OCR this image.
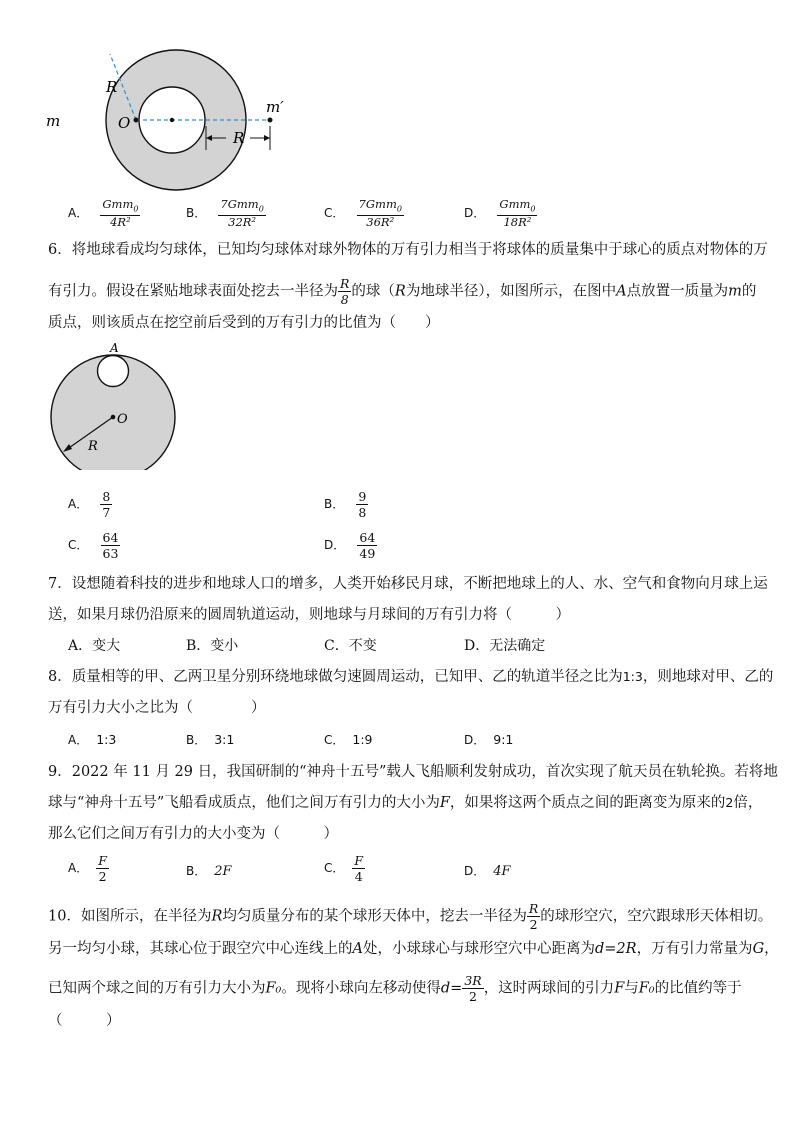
m
R
O
m′
R
A． $\frac{Gmm_0}{\text{4R²}}$	B． $\frac{7Gmm_0}{\text{32R²}}$	C． $\frac{7Gmm_0}{\text{36R²}}$	D． $\frac{Gmm_0}{\text{18R²}}$
6．将地球看成均匀球体，已知均匀球体对球外物体的万有引力相当于将球体的质量集中于球心的质点对物体的万
有引力。假设在紧贴地球表面处挖去一半径为 $\frac{R}{8}$ 的球（R为地球半径），如图所示，在图中A点放置一质量为m的
质点，则该质点在挖空前后受到的万有引力的比值为（　　）
A
O
R
A． $\frac{8}{7}$	B． $\frac{9}{8}$
C． $\frac{64}{63}$	D． $\frac{64}{49}$
7．设想随着科技的进步和地球人口的增多，人类开始移民月球，不断把地球上的人、水、空气和食物向月球上运
送，如果月球仍沿原来的圆周轨道运动，则地球与月球间的万有引力将（　　　）
A．变大	B．变小	C．不变	D．无法确定
8．质量相等的甲、乙两卫星分别环绕地球做匀速圆周运动，已知甲、乙的轨道半径之比为1:3，则地球对甲、乙的
万有引力大小之比为（　　　　）
A． 1:3	B． 3:1	C． 1:9	D． 9:1
9．2022 年 11 月 29 日，我国研制的“神舟十五号”载人飞船顺利发射成功，首次实现了航天员在轨轮换。若将地
球与“神舟十五号”飞船看成质点，他们之间万有引力的大小为F，如果将这两个质点之间的距离变为原来的2倍，
那么它们之间万有引力的大小变为（　　　）
A． $\frac{F}{2}$	B． 2F	C． $\frac{F}{4}$	D． 4F
10．如图所示，在半径为R均匀质量分布的某个球形天体中，挖去一半径为 $\frac{R}{2}$ 的球形空穴，空穴跟球形天体相切。
另一均匀小球，其球心位于跟空穴中心连线上的A处，小球球心与球形空穴中心距离为d=2R，万有引力常量为G，
已知两个球之间的万有引力大小为F₀。现将小球向左移动使得$d= \frac{3R}{2}$ ，这时两球间的引力F与F₀的比值约等于
（　　　）
